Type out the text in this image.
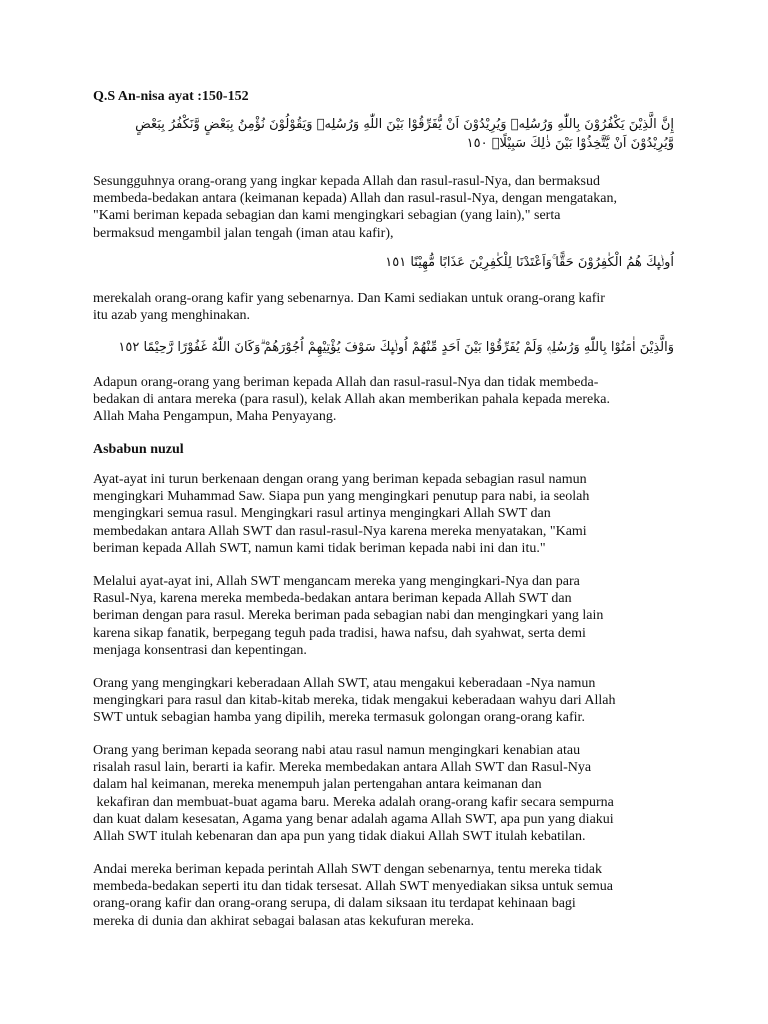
Q.S An-nisa ayat :150-152

إِنَّ الَّذِيْنَ يَكْفُرُوْنَ بِاللّٰهِ وَرُسُلِهٖ وَيُرِيْدُوْنَ اَنْ يُّفَرِّقُوْا بَيْنَ اللّٰهِ وَرُسُلِهٖ وَيَقُوْلُوْنَ نُؤْمِنُ بِبَعْضٍ وَّنَكْفُرُ بِبَعْضٍ وَّيُرِيْدُوْنَ اَنْ يَّتَّخِذُوْا بَيْنَ ذٰلِكَ سَبِيْلًاۙ ١٥٠

Sesungguhnya orang-orang yang ingkar kepada Allah dan rasul-rasul-Nya, dan bermaksud
membeda-bedakan antara (keimanan kepada) Allah dan rasul-rasul-Nya, dengan mengatakan,
"Kami beriman kepada sebagian dan kami mengingkari sebagian (yang lain)," serta
bermaksud mengambil jalan tengah (iman atau kafir),

اُولٰۤىِٕكَ هُمُ الْكٰفِرُوْنَ حَقًّا ۚوَاَعْتَدْنَا لِلْكٰفِرِيْنَ عَذَابًا مُّهِيْنًا ١٥١

merekalah orang-orang kafir yang sebenarnya. Dan Kami sediakan untuk orang-orang kafir
itu azab yang menghinakan.

وَالَّذِيْنَ اٰمَنُوْا بِاللّٰهِ وَرُسُلِهٖ وَلَمْ يُفَرِّقُوْا بَيْنَ اَحَدٍ مِّنْهُمْ اُولٰۤىِٕكَ سَوْفَ يُؤْتِيْهِمْ اُجُوْرَهُمْ ۗوَكَانَ اللّٰهُ غَفُوْرًا رَّحِيْمًا ١٥٢

Adapun orang-orang yang beriman kepada Allah dan rasul-rasul-Nya dan tidak membeda-
bedakan di antara mereka (para rasul), kelak Allah akan memberikan pahala kepada mereka.
Allah Maha Pengampun, Maha Penyayang.
Asbabun nuzul
Ayat-ayat ini turun berkenaan dengan orang yang beriman kepada sebagian rasul namun
mengingkari Muhammad Saw. Siapa pun yang mengingkari penutup para nabi, ia seolah
mengingkari semua rasul. Mengingkari rasul artinya mengingkari Allah SWT dan
membedakan antara Allah SWT dan rasul-rasul-Nya karena mereka menyatakan, "Kami
beriman kepada Allah SWT, namun kami tidak beriman kepada nabi ini dan itu."
Melalui ayat-ayat ini, Allah SWT mengancam mereka yang mengingkari-Nya dan para
Rasul-Nya, karena mereka membeda-bedakan antara beriman kepada Allah SWT dan
beriman dengan para rasul. Mereka beriman pada sebagian nabi dan mengingkari yang lain
karena sikap fanatik, berpegang teguh pada tradisi, hawa nafsu, dah syahwat, serta demi
menjaga konsentrasi dan kepentingan.
Orang yang mengingkari keberadaan Allah SWT, atau mengakui keberadaan -Nya namun
mengingkari para rasul dan kitab-kitab mereka, tidak mengakui keberadaan wahyu dari Allah
SWT untuk sebagian hamba yang dipilih, mereka termasuk golongan orang-orang kafir.
Orang yang beriman kepada seorang nabi atau rasul namun mengingkari kenabian atau
risalah rasul lain, berarti ia kafir. Mereka membedakan antara Allah SWT dan Rasul-Nya
dalam hal keimanan, mereka menempuh jalan pertengahan antara keimanan dan
kekafiran dan membuat-buat agama baru. Mereka adalah orang-orang kafir secara sempurna
dan kuat dalam kesesatan, Agama yang benar adalah agama Allah SWT, apa pun yang diakui
Allah SWT itulah kebenaran dan apa pun yang tidak diakui Allah SWT itulah kebatilan.
Andai mereka beriman kepada perintah Allah SWT dengan sebenarnya, tentu mereka tidak
membeda-bedakan seperti itu dan tidak tersesat. Allah SWT menyediakan siksa untuk semua
orang-orang kafir dan orang-orang serupa, di dalam siksaan itu terdapat kehinaan bagi
mereka di dunia dan akhirat sebagai balasan atas kekufuran mereka.
